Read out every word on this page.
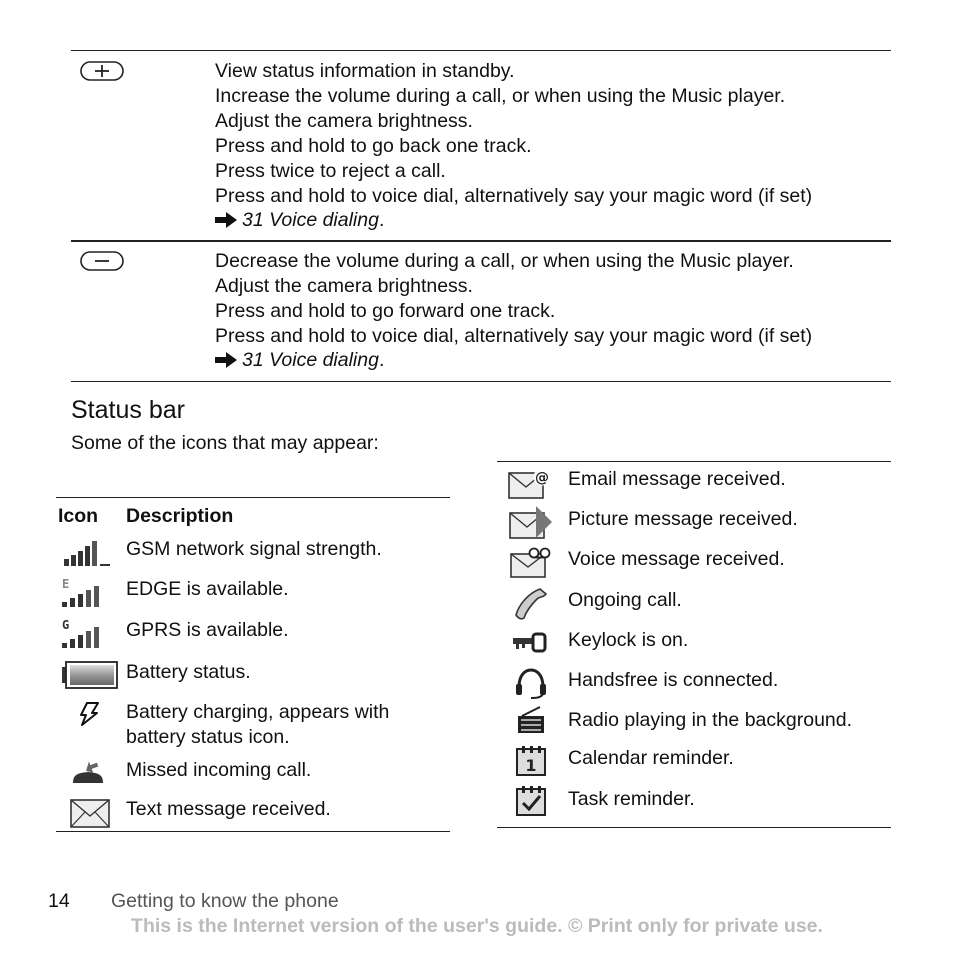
View status information in standby.
Increase the volume during a call, or when using the Music player.
Adjust the camera brightness.
Press and hold to go back one track.
Press twice to reject a call.
Press and hold to voice dial, alternatively say your magic word (if set)
31 Voice dialing.
Decrease the volume during a call, or when using the Music player.
Adjust the camera brightness.
Press and hold to go forward one track.
Press and hold to voice dial, alternatively say your magic word (if set)
31 Voice dialing.
Status bar
Some of the icons that may appear:
Icon Description
GSM network signal strength.
E	EDGE is available.
G	GPRS is available.
Battery status.
Battery charging, appears with
battery status icon.
Missed incoming call.
Text message received.
@ Email message received.
Picture message received.
Voice message received.
Ongoing call.
Keylock is on.
Handsfree is connected.
Radio playing in the background.
1 Calendar reminder.
Task reminder.
14 Getting to know the phone
This is the Internet version of the user's guide. © Print only for private use.
